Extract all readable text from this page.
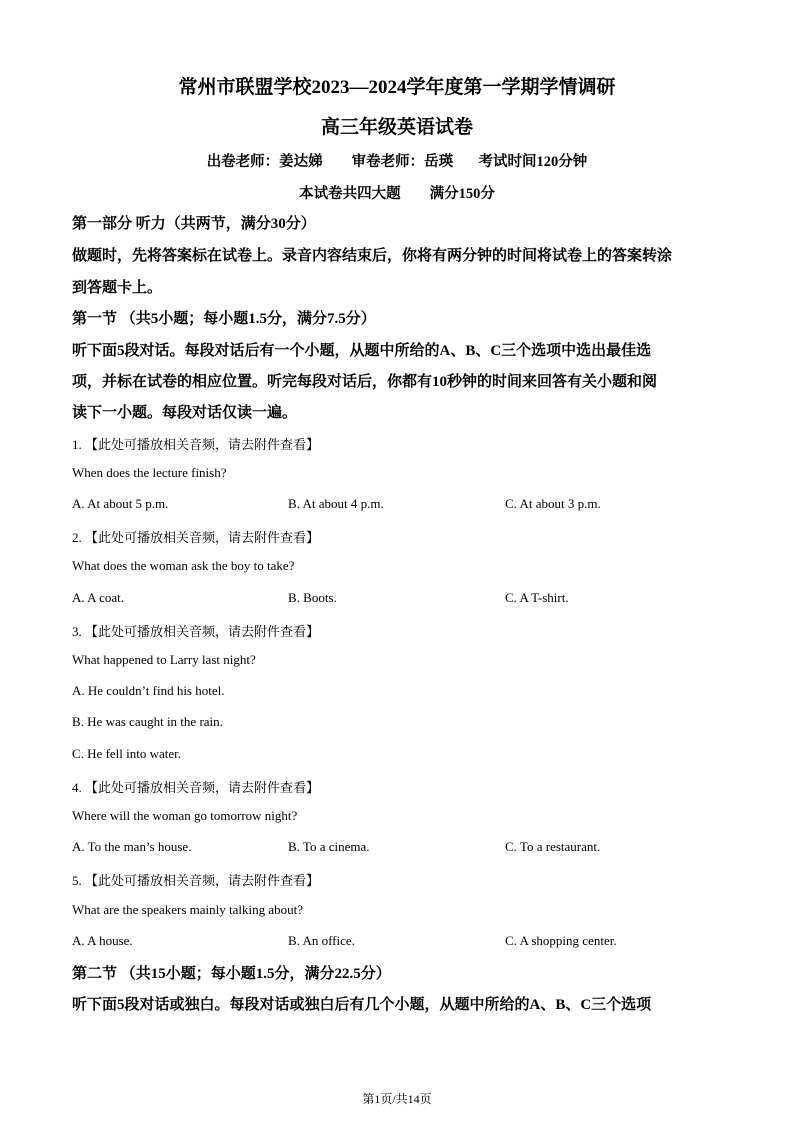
常州市联盟学校2023—2024学年度第一学期学情调研
高三年级英语试卷
出卷老师：姜达娣        审卷老师：岳瑛       考试时间120分钟
本试卷共四大题        满分150分
第一部分 听力（共两节，满分30分）
做题时，先将答案标在试卷上。录音内容结束后，你将有两分钟的时间将试卷上的答案转涂
到答题卡上。
第一节 （共5小题；每小题1.5分，满分7.5分）
听下面5段对话。每段对话后有一个小题，从题中所给的A、B、C三个选项中选出最佳选
项，并标在试卷的相应位置。听完每段对话后，你都有10秒钟的时间来回答有关小题和阅
读下一小题。每段对话仅读一遍。
1. 【此处可播放相关音频，请去附件查看】
When does the lecture finish?
A. At about 5 p.m.	B. At about 4 p.m.	C. At about 3 p.m.
2. 【此处可播放相关音频，请去附件查看】
What does the woman ask the boy to take?
A. A coat.	B. Boots.	C. A T-shirt.
3. 【此处可播放相关音频，请去附件查看】
What happened to Larry last night?
A. He couldn’t find his hotel.
B. He was caught in the rain.
C. He fell into water.
4. 【此处可播放相关音频，请去附件查看】
Where will the woman go tomorrow night?
A. To the man’s house.	B. To a cinema.	C. To a restaurant.
5. 【此处可播放相关音频，请去附件查看】
What are the speakers mainly talking about?
A. A house.	B. An office.	C. A shopping center.
第二节 （共15小题；每小题1.5分，满分22.5分）
听下面5段对话或独白。每段对话或独白后有几个小题，从题中所给的A、B、C三个选项
第1页/共14页
